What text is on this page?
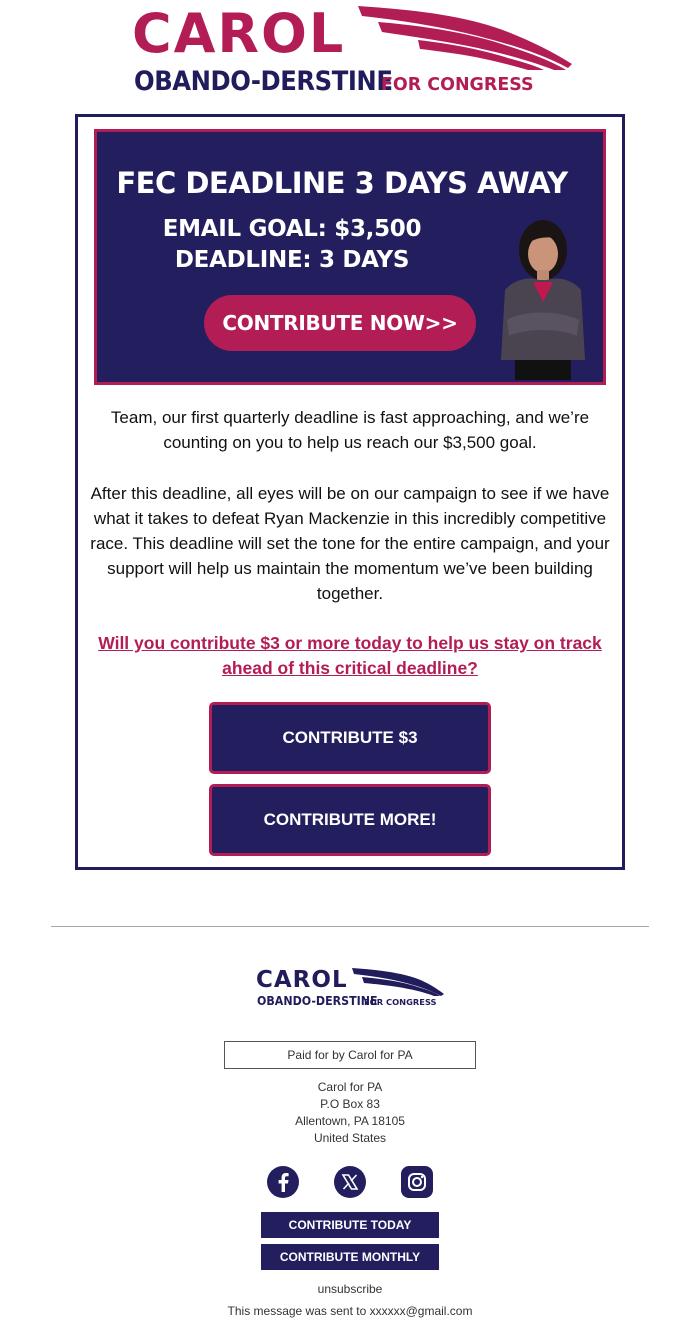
CAROL
OBANDO-DERSTINE
FOR CONGRESS
FEC DEADLINE 3 DAYS AWAY
EMAIL GOAL: $3,500
DEADLINE: 3 DAYS
CONTRIBUTE NOW>>
Team, our first quarterly deadline is fast approaching, and we’re counting on you to help us reach our $3,500 goal.
After this deadline, all eyes will be on our campaign to see if we have what it takes to defeat Ryan Mackenzie in this incredibly competitive race. This deadline will set the tone for the entire campaign, and your support will help us maintain the momentum we’ve been building together.
Will you contribute $3 or more today to help us stay on track ahead of this critical deadline?
CONTRIBUTE $3
CONTRIBUTE MORE!
CAROL
OBANDO-DERSTINE
FOR CONGRESS
Paid for by Carol for PA
Carol for PA
P.O Box 83
Allentown, PA 18105
United States
CONTRIBUTE TODAY
CONTRIBUTE MONTHLY
unsubscribe
This message was sent to xxxxxx@gmail.com
